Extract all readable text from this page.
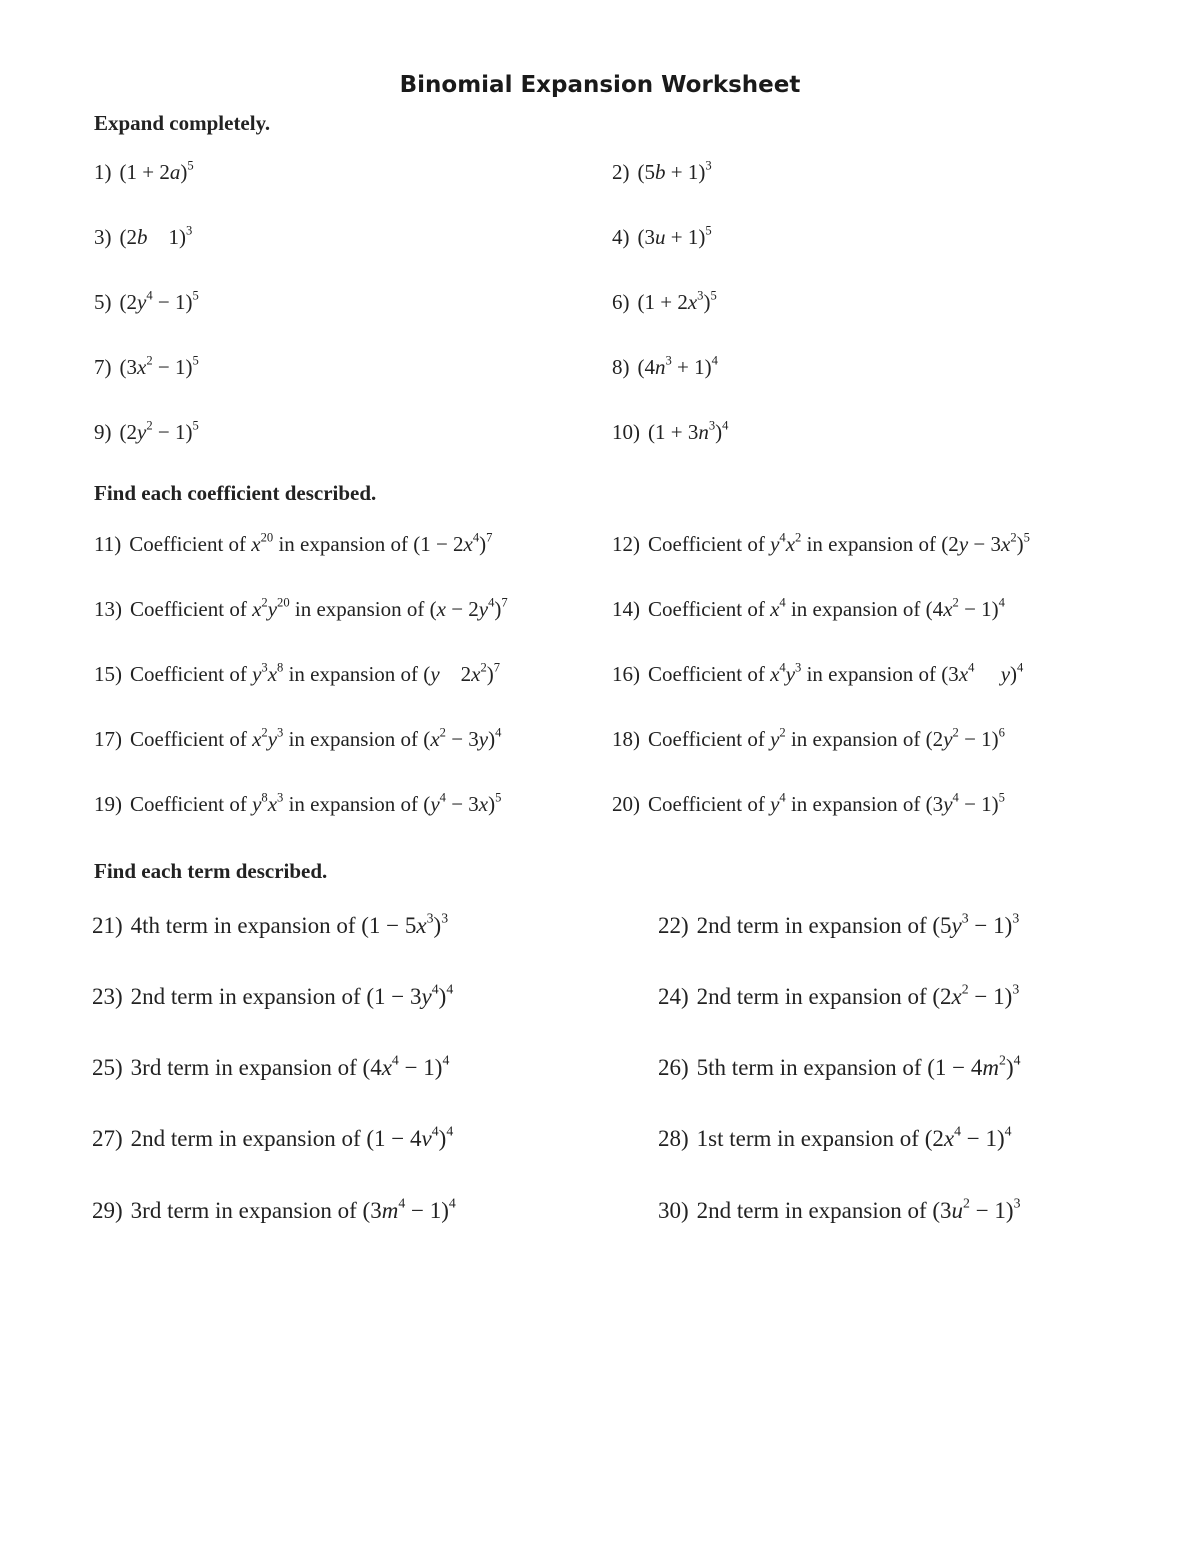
Binomial Expansion Worksheet
Expand completely.
1) $(1 + 2a)^5$	2) $(5b + 1)^3$
3) (2b    1)$^3$	4) $(3u + 1)^5$
5) $(2y^4 - 1)^5$	6) $(1 + 2x^3)^5$
7) $(3x^2 - 1)^5$	8) $(4n^3 + 1)^4$
9) $(2y^2 - 1)^5$	10) $(1 + 3n^3)^4$
Find each coefficient described.
11) Coefficient of $x^{20}$ in expansion of $(1 - 2x^4)^7$	12) Coefficient of $y^4x^2$ in expansion of $(2y - 3x^2)^5$
13) Coefficient of $x^2y^{20}$ in expansion of $(x - 2y^4)^7$	14) Coefficient of $x^4$ in expansion of $(4x^2 - 1)^4$
15) Coefficient of $y^3x^8$ in expansion of (y    $2x^2)^7$	16) Coefficient of $x^4y^3$ in expansion of ($3x^4$ y)$^4$
17) Coefficient of $x^2y^3$ in expansion of $(x^2 - 3y)^4$	18) Coefficient of $y^2$ in expansion of $(2y^2 - 1)^6$
19) Coefficient of $y^8x^3$ in expansion of $(y^4 - 3x)^5$	20) Coefficient of $y^4$ in expansion of $(3y^4 - 1)^5$
Find each term described.
21) 4th term in expansion of $(1 - 5x^3)^3$	22) 2nd term in expansion of $(5y^3 - 1)^3$
23) 2nd term in expansion of $(1 - 3y^4)^4$	24) 2nd term in expansion of $(2x^2 - 1)^3$
25) 3rd term in expansion of $(4x^4 - 1)^4$	26) 5th term in expansion of $(1 - 4m^2)^4$
27) 2nd term in expansion of $(1 - 4v^4)^4$	28) 1st term in expansion of $(2x^4 - 1)^4$
29) 3rd term in expansion of $(3m^4 - 1)^4$	30) 2nd term in expansion of $(3u^2 - 1)^3$
